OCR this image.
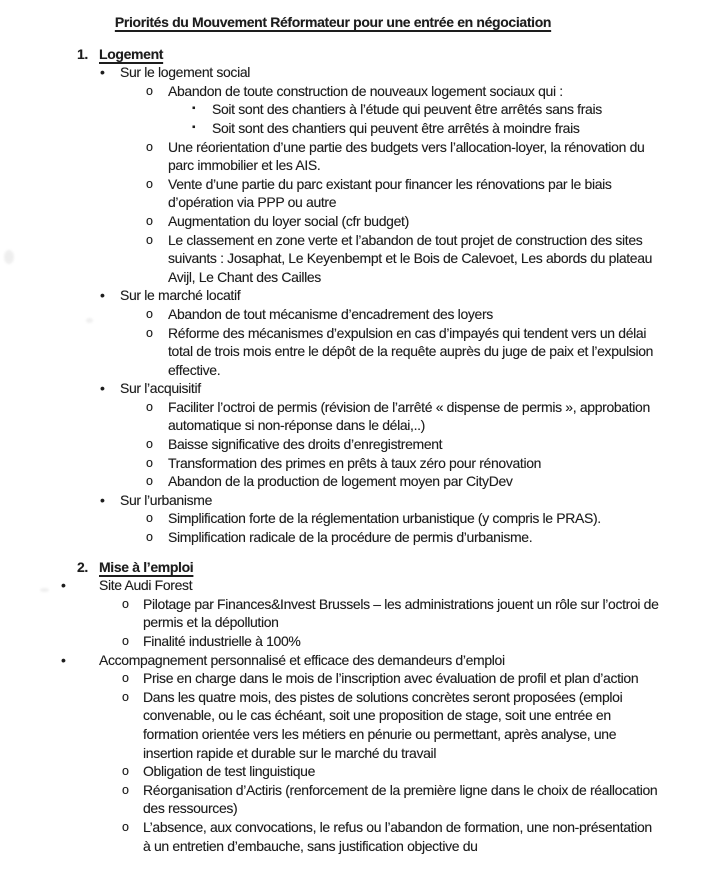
Priorités du Mouvement Réformateur pour une entrée en négociation
1. Logement
•	Sur le logement social
o	Abandon de toute construction de nouveaux logement sociaux qui :
▪	Soit sont des chantiers à l’étude qui peuvent être arrêtés sans frais
▪	Soit sont des chantiers qui peuvent être arrêtés à moindre frais
o	Une réorientation d’une partie des budgets vers l’allocation-loyer, la rénovation du parc immobilier et les AIS.
o	Vente d’une partie du parc existant pour financer les rénovations par le biais d’opération via PPP ou autre
o	Augmentation du loyer social (cfr budget)
o	Le classement en zone verte et l’abandon de tout projet de construction des sites suivants : Josaphat, Le Keyenbempt et le Bois de Calevoet, Les abords du plateau Avijl, Le Chant des Cailles
•	Sur le marché locatif
o	Abandon de tout mécanisme d’encadrement des loyers
o	Réforme des mécanismes d’expulsion en cas d’impayés qui tendent vers un délai total de trois mois entre le dépôt de la requête auprès du juge de paix et l’expulsion effective.
•	Sur l’acquisitif
o	Faciliter l’octroi de permis (révision de l’arrêté « dispense de permis », approbation automatique si non-réponse dans le délai,..)
o	Baisse significative des droits d’enregistrement
o	Transformation des primes en prêts à taux zéro pour rénovation
o	Abandon de la production de logement moyen par CityDev
•	Sur l’urbanisme
o	Simplification forte de la réglementation urbanistique (y compris le PRAS).
o	Simplification radicale de la procédure de permis d’urbanisme.
2. Mise à l’emploi
•	Site Audi Forest
o	Pilotage par Finances&Invest Brussels – les administrations jouent un rôle sur l’octroi de permis et la dépollution
o	Finalité industrielle à 100%
•	Accompagnement personnalisé et efficace des demandeurs d’emploi
o	Prise en charge dans le mois de l’inscription avec évaluation de profil et plan d’action
o	Dans les quatre mois, des pistes de solutions concrètes seront proposées (emploi convenable, ou le cas échéant, soit une proposition de stage, soit une entrée en formation orientée vers les métiers en pénurie ou permettant, après analyse, une insertion rapide et durable sur le marché du travail
o	Obligation de test linguistique
o	Réorganisation d’Actiris (renforcement de la première ligne dans le choix de réallocation des ressources)
o	L’absence, aux convocations, le refus ou l’abandon de formation, une non-présentation à un entretien d’embauche, sans justification objective du
